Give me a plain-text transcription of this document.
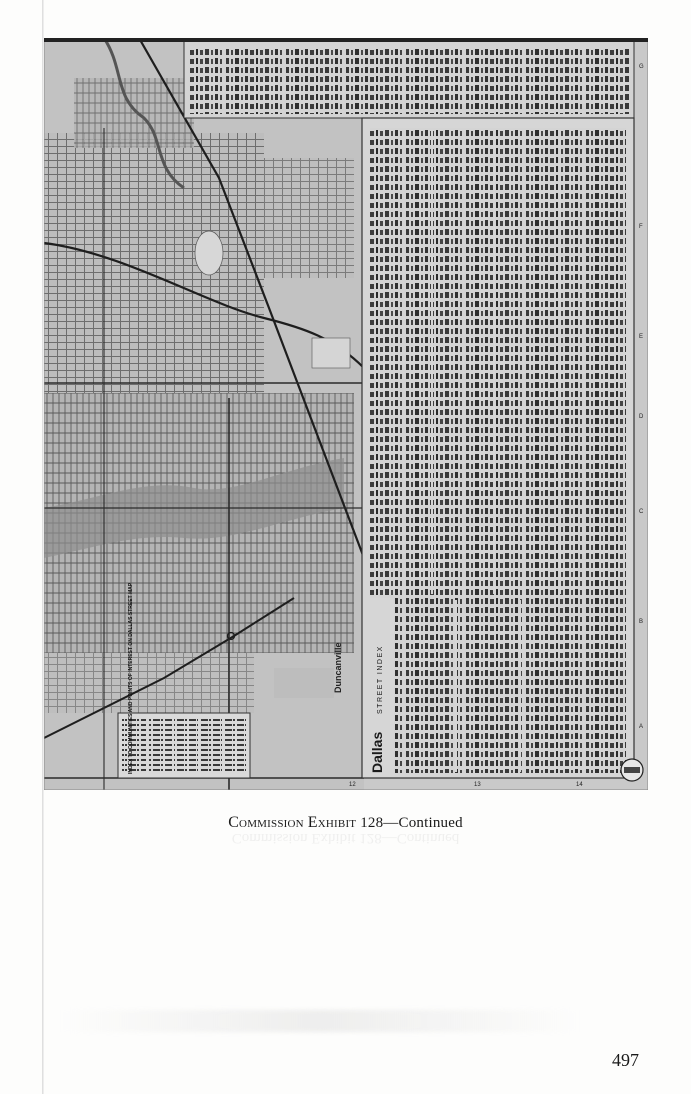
INDEX TO COMMUNITIES AND POINTS OF INTEREST ON DALLAS STREET MAP	Dallas
STREET INDEX
Duncanville
A
B
C
D
E
F
G
12	13	14
Commission Exhibit 128—Continued
Commission Exhibit 128—Continued
497
